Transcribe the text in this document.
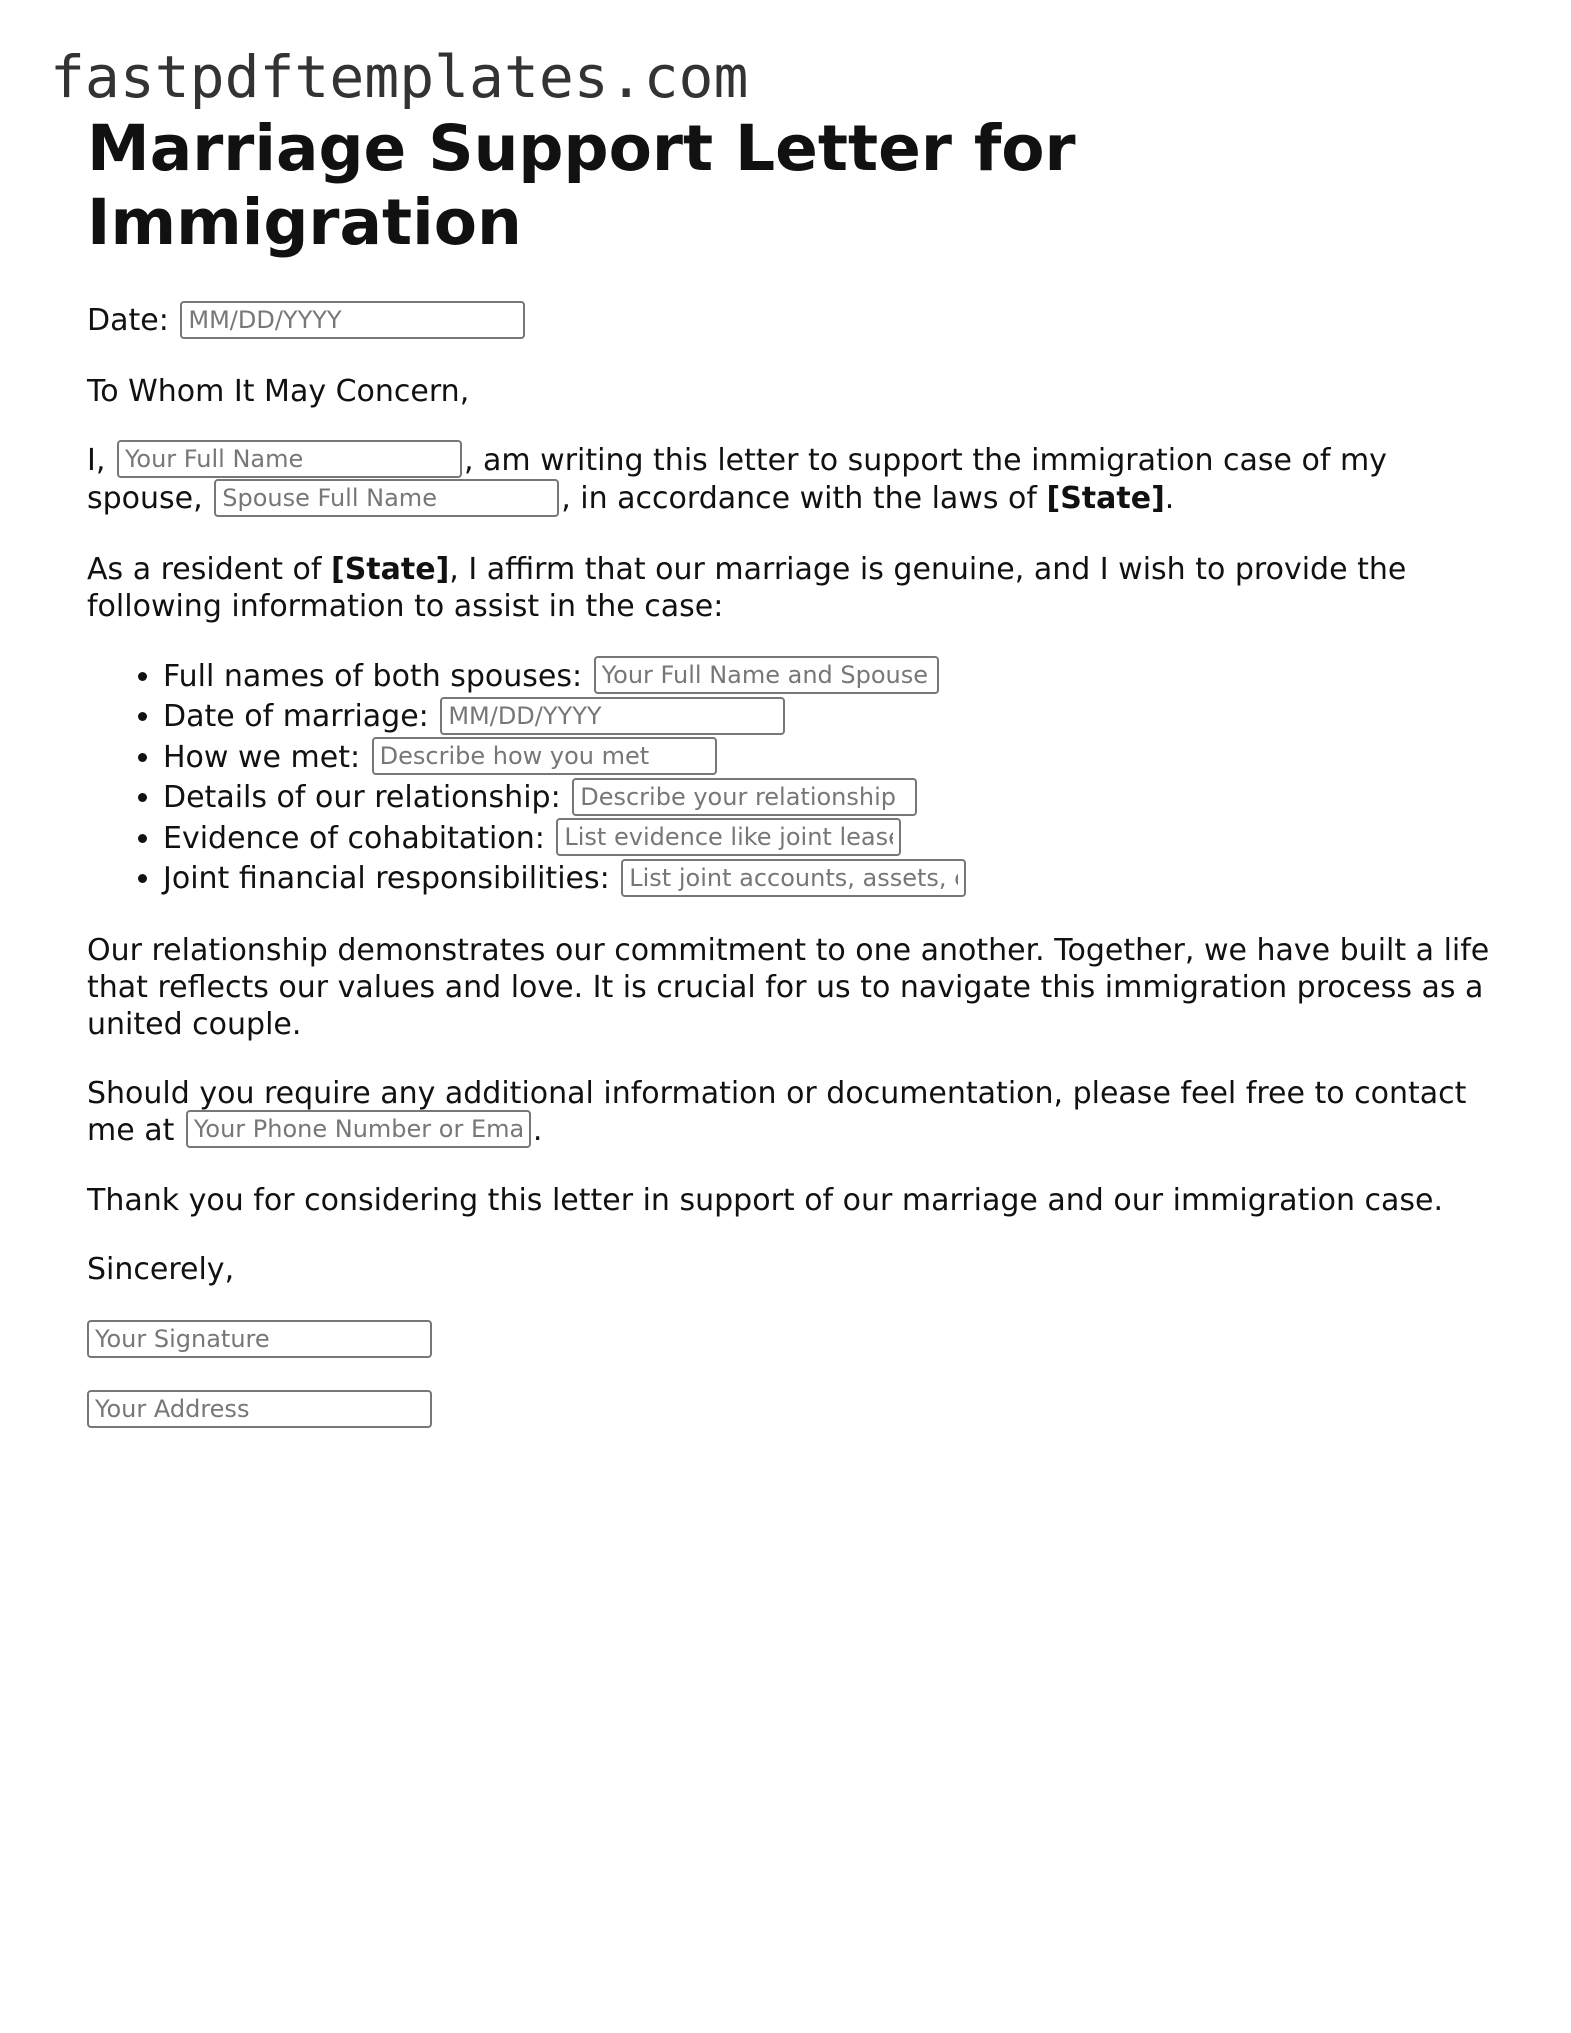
fastpdftemplates.com
Marriage Support Letter for Immigration

Date: MM/DD/YYYY

To Whom It May Concern,

I, Your Full Name	, am writing this letter to support the immigration case of my spouse, Spouse Full Name	, in accordance with the laws of [State].

As a resident of [State], I affirm that our marriage is genuine, and I wish to provide the following information to assist in the case:

• Full names of both spouses: Your Full Name and Spouse Full Name
• Date of marriage: MM/DD/YYYY
• How we met: Describe how you met
• Details of our relationship: Describe your relationship
• Evidence of cohabitation: List evidence like joint lease
• Joint financial responsibilities: List joint accounts, assets, etc.

Our relationship demonstrates our commitment to one another. Together, we have built a life that reflects our values and love. It is crucial for us to navigate this immigration process as a united couple.

Should you require any additional information or documentation, please feel free to contact me at Your Phone Number or Email	.

Thank you for considering this letter in support of our marriage and our immigration case.

Sincerely,

Your Signature
Your Address
